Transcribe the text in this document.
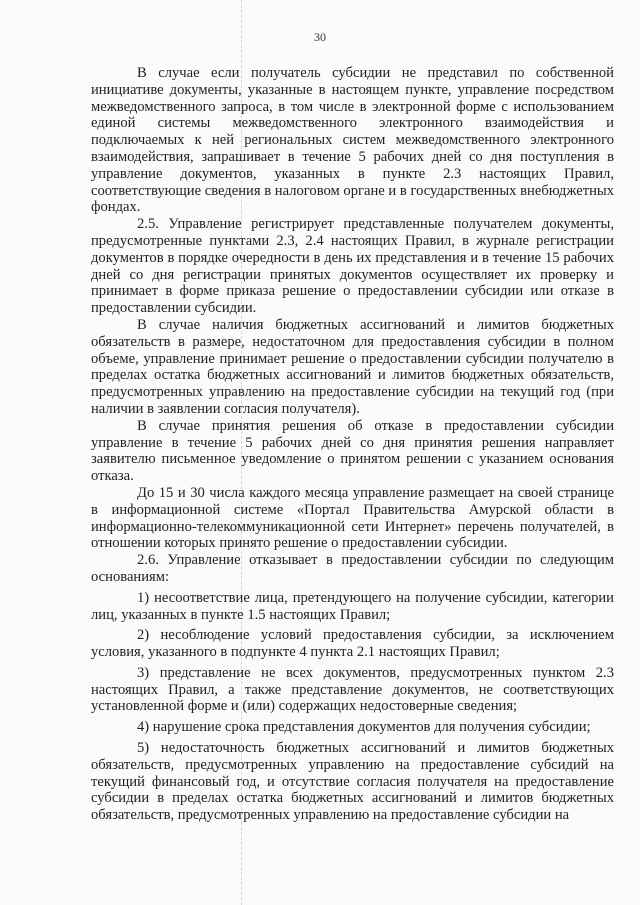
30

В случае если получатель субсидии не представил по собственной инициативе документы, указанные в настоящем пункте, управление посредством межведомственного запроса, в том числе в электронной форме с использованием единой системы межведомственного электронного взаимодействия и подключаемых к ней региональных систем межведомственного электронного взаимодействия, запрашивает в течение 5 рабочих дней со дня поступления в управление документов, указанных в пункте 2.3 настоящих Правил, соответствующие сведения в налоговом органе и в государственных внебюджетных фондах.

2.5. Управление регистрирует представленные получателем документы, предусмотренные пунктами 2.3, 2.4 настоящих Правил, в журнале регистрации документов в порядке очередности в день их представления и в течение 15 рабочих дней со дня регистрации принятых документов осуществляет их проверку и принимает в форме приказа решение о предоставлении субсидии или отказе в предоставлении субсидии.

В случае наличия бюджетных ассигнований и лимитов бюджетных обязательств в размере, недостаточном для предоставления субсидии в полном объеме, управление принимает решение о предоставлении субсидии получателю в пределах остатка бюджетных ассигнований и лимитов бюджетных обязательств, предусмотренных управлению на предоставление субсидии на текущий год (при наличии в заявлении согласия получателя).

В случае принятия решения об отказе в предоставлении субсидии управление в течение 5 рабочих дней со дня принятия решения направляет заявителю письменное уведомление о принятом решении с указанием основания отказа.

До 15 и 30 числа каждого месяца управление размещает на своей странице в информационной системе «Портал Правительства Амурской области в информационно-телекоммуникационной сети Интернет» перечень получателей, в отношении которых принято решение о предоставлении субсидии.

2.6. Управление отказывает в предоставлении субсидии по следующим основаниям:

1) несоответствие лица, претендующего на получение субсидии, категории лиц, указанных в пункте 1.5 настоящих Правил;

2) несоблюдение условий предоставления субсидии, за исключением условия, указанного в подпункте 4 пункта 2.1 настоящих Правил;

3) представление не всех документов, предусмотренных пунктом 2.3 настоящих Правил, а также представление документов, не соответствующих установленной форме и (или) содержащих недостоверные сведения;

4) нарушение срока представления документов для получения субсидии;

5) недостаточность бюджетных ассигнований и лимитов бюджетных обязательств, предусмотренных управлению на предоставление субсидий на текущий финансовый год, и отсутствие согласия получателя на предоставление субсидии в пределах остатка бюджетных ассигнований и лимитов бюджетных обязательств, предусмотренных управлению на предоставление субсидии на
